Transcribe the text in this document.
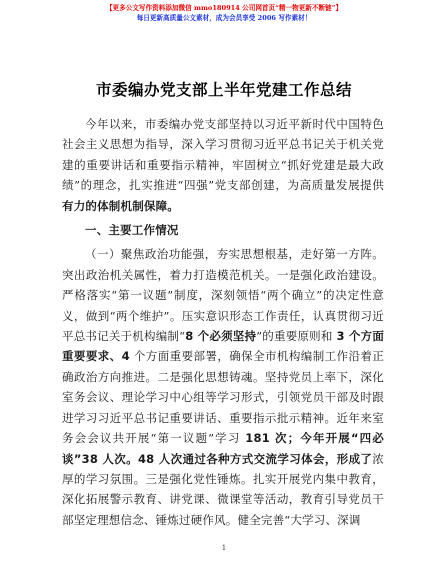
【更多公文写作资料添加微信 mmo180914 公司网首页“精一物更新不断链”】
每日更新高质量公文素材，成为会员享受 2006 写作素材！
市委编办党支部上半年党建工作总结

今年以来，市委编办党支部坚持以习近平新时代中国特色社会主义思想为指导，深入学习贯彻习近平总书记关于机关党建的重要讲话和重要指示精神，牢固树立“抓好党建是最大政绩”的理念，扎实推进“四强”党支部创建，为高质量发展提供有力的体制机制保障。

一、主要工作情况

（一）聚焦政治功能强，夯实思想根基，走好第一方阵。突出政治机关属性，着力打造模范机关。一是强化政治建设。严格落实“第一议题”制度，深刻领悟“两个确立”的决定性意义，做到“两个维护”。压实意识形态工作责任，认真贯彻习近平总书记关于机构编制“8 个必须坚持”的重要原则和 3 个方面重要要求、4 个方面重要部署，确保全市机构编制工作沿着正确政治方向推进。二是强化思想铸魂。坚持党员上率下，深化室务会议、理论学习中心组等学习形式，引领党员干部及时跟进学习习近平总书记重要讲话、重要指示批示精神。近年来室务会会议共开展“第一议题”学习 181 次；今年开展“四必谈”38 人次。48 人次通过各种方式交流学习体会，形成了浓厚的学习氛围。三是强化党性锤炼。扎实开展党内集中教育，深化拓展警示教育、讲党课、微课堂等活动，教育引导党员干部坚定理想信念、锤炼过硬作风。健全完善“大学习、深调

1
